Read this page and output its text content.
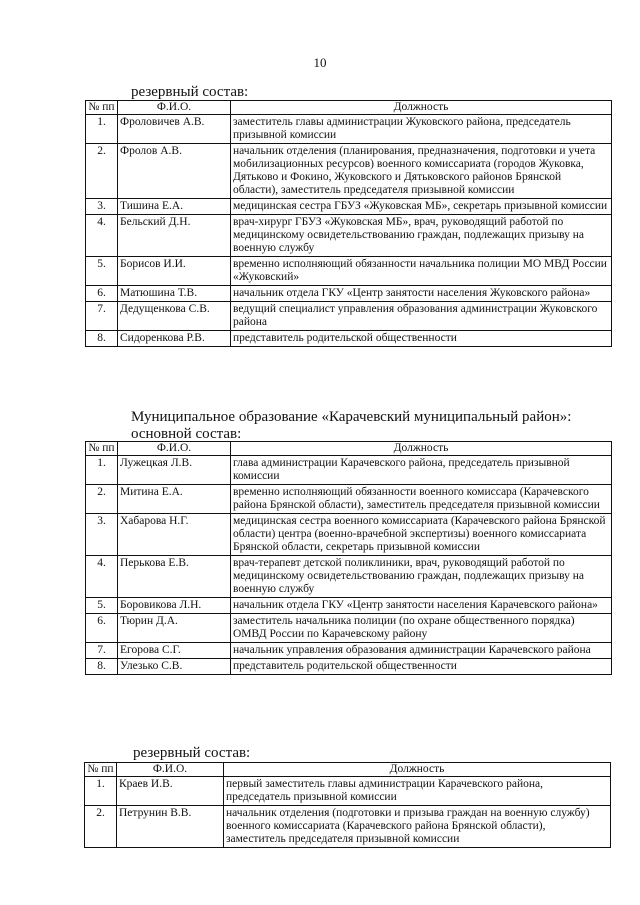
10
резервный состав:
№ пп	Ф.И.О.	Должность
1.	Фроловичев А.В.	заместитель главы администрации Жуковского района, председатель призывной комиссии
2.	Фролов А.В.	начальник отделения (планирования, предназначения, подготовки и учета мобилизационных ресурсов) военного комиссариата (городов Жуковка, Дятьково и Фокино, Жуковского и Дятьковского районов Брянской области), заместитель председателя призывной комиссии
3.	Тишина Е.А.	медицинская сестра ГБУЗ «Жуковская МБ», секретарь призывной комиссии
4.	Бельский Д.Н.	врач-хирург ГБУЗ «Жуковская МБ», врач, руководящий работой по медицинскому освидетельствованию граждан, подлежащих призыву на военную службу
5.	Борисов И.И.	временно исполняющий обязанности начальника полиции МО МВД России «Жуковский»
6.	Матюшина Т.В.	начальник отдела ГКУ «Центр занятости населения Жуковского района»
7.	Дедущенкова С.В.	ведущий специалист управления образования администрации Жуковского района
8.	Сидоренкова Р.В.	представитель родительской общественности
Муниципальное образование «Карачевский муниципальный район»:
основной состав:
№ пп	Ф.И.О.	Должность
1.	Лужецкая Л.В.	глава администрации Карачевского района, председатель призывной комиссии
2.	Митина Е.А.	временно исполняющий обязанности военного комиссара (Карачевского района Брянской области), заместитель председателя призывной комиссии
3.	Хабарова Н.Г.	медицинская сестра военного комиссариата (Карачевского района Брянской области) центра (военно-врачебной экспертизы) военного комиссариата Брянской области, секретарь призывной комиссии
4.	Перькова Е.В.	врач-терапевт детской поликлиники, врач, руководящий работой по медицинскому освидетельствованию граждан, подлежащих призыву на военную службу
5.	Боровикова Л.Н.	начальник отдела ГКУ «Центр занятости населения Карачевского района»
6.	Тюрин Д.А.	заместитель начальника полиции (по охране общественного порядка) ОМВД России по Карачевскому району
7.	Егорова С.Г.	начальник управления образования администрации Карачевского района
8.	Улезько С.В.	представитель родительской общественности
резервный состав:
№ пп	Ф.И.О.	Должность
1.	Краев И.В.	первый заместитель главы администрации Карачевского района, председатель призывной комиссии
2.	Петрунин В.В.	начальник отделения (подготовки и призыва граждан на военную службу) военного комиссариата (Карачевского района Брянской области), заместитель председателя призывной комиссии
